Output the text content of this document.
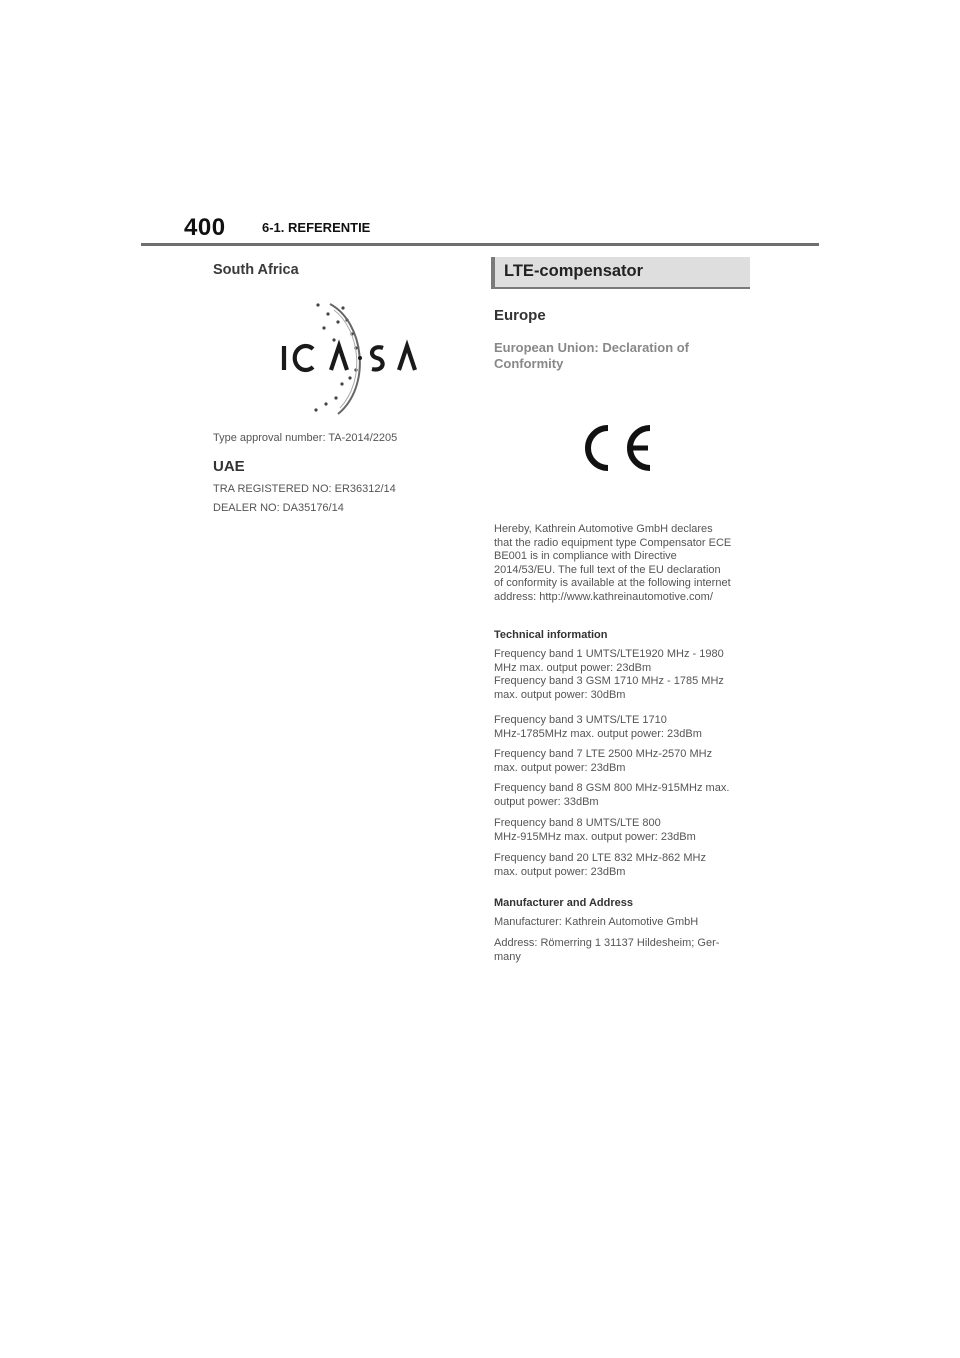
400	6-1. REFERENTIE
South Africa
Type approval number: TA-2014/2205
UAE
TRA REGISTERED NO: ER36312/14
DEALER NO: DA35176/14
LTE-compensator
Europe
European Union: Declaration of
Conformity
Hereby, Kathrein Automotive GmbH declares
that the radio equipment type Compensator ECE
BE001 is in compliance with Directive
2014/53/EU. The full text of the EU declaration
of conformity is available at the following internet
address: http://www.kathreinautomotive.com/
Technical information
Frequency band 1 UMTS/LTE1920 MHz - 1980
MHz max. output power: 23dBm
Frequency band 3 GSM 1710 MHz - 1785 MHz
max. output power: 30dBm
Frequency band 3 UMTS/LTE 1710
MHz-1785MHz max. output power: 23dBm
Frequency band 7 LTE 2500 MHz-2570 MHz
max. output power: 23dBm
Frequency band 8 GSM 800 MHz-915MHz max.
output power: 33dBm
Frequency band 8 UMTS/LTE 800
MHz-915MHz max. output power: 23dBm
Frequency band 20 LTE 832 MHz-862 MHz
max. output power: 23dBm
Manufacturer and Address
Manufacturer: Kathrein Automotive GmbH
Address: Römerring 1 31137 Hildesheim; Ger-
many
